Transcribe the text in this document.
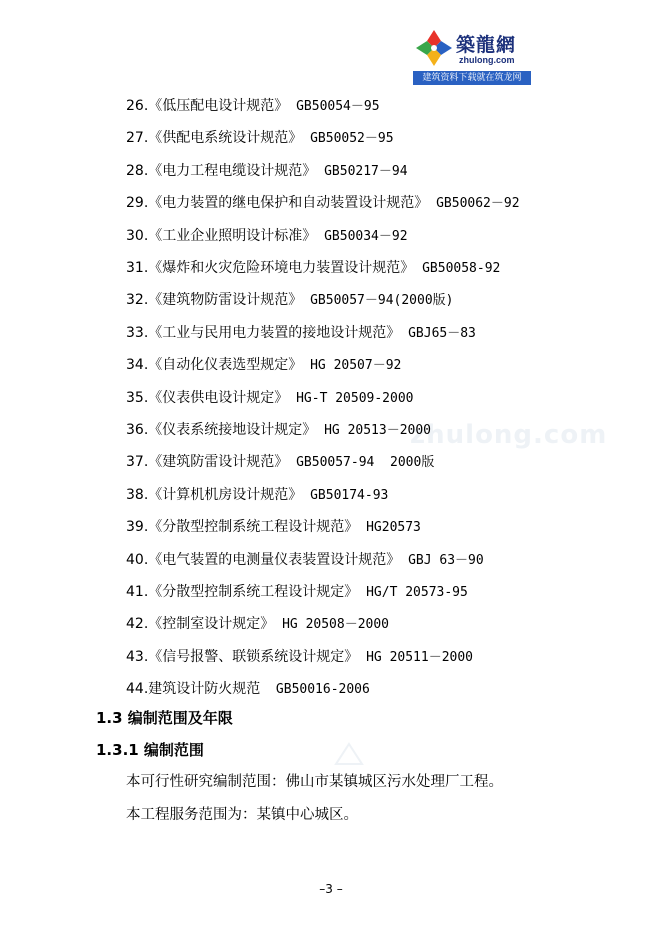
zhulong.com
築龍網
zhulong.com
建筑资料下载就在筑龙网
26.《低压配电设计规范》 GB50054－95
27.《供配电系统设计规范》 GB50052－95
28.《电力工程电缆设计规范》 GB50217－94
29.《电力装置的继电保护和自动装置设计规范》 GB50062－92
30.《工业企业照明设计标准》 GB50034－92
31.《爆炸和火灾危险环境电力装置设计规范》 GB50058-92
32.《建筑物防雷设计规范》 GB50057－94(2000版)
33.《工业与民用电力装置的接地设计规范》 GBJ65－83
34.《自动化仪表选型规定》 HG 20507－92
35.《仪表供电设计规定》 HG-T 20509-2000
36.《仪表系统接地设计规定》 HG 20513－2000
37.《建筑防雷设计规范》 GB50057-94  2000版
38.《计算机机房设计规范》 GB50174-93
39.《分散型控制系统工程设计规范》 HG20573
40.《电气装置的电测量仪表装置设计规范》 GBJ 63－90
41.《分散型控制系统工程设计规定》 HG/T 20573-95
42.《控制室设计规定》 HG 20508－2000
43.《信号报警、联锁系统设计规定》 HG 20511－2000
44.建筑设计防火规范  GB50016-2006
1.3 编制范围及年限
1.3.1 编制范围
本可行性研究编制范围：佛山市某镇城区污水处理厂工程。
本工程服务范围为：某镇中心城区。
–3 –
